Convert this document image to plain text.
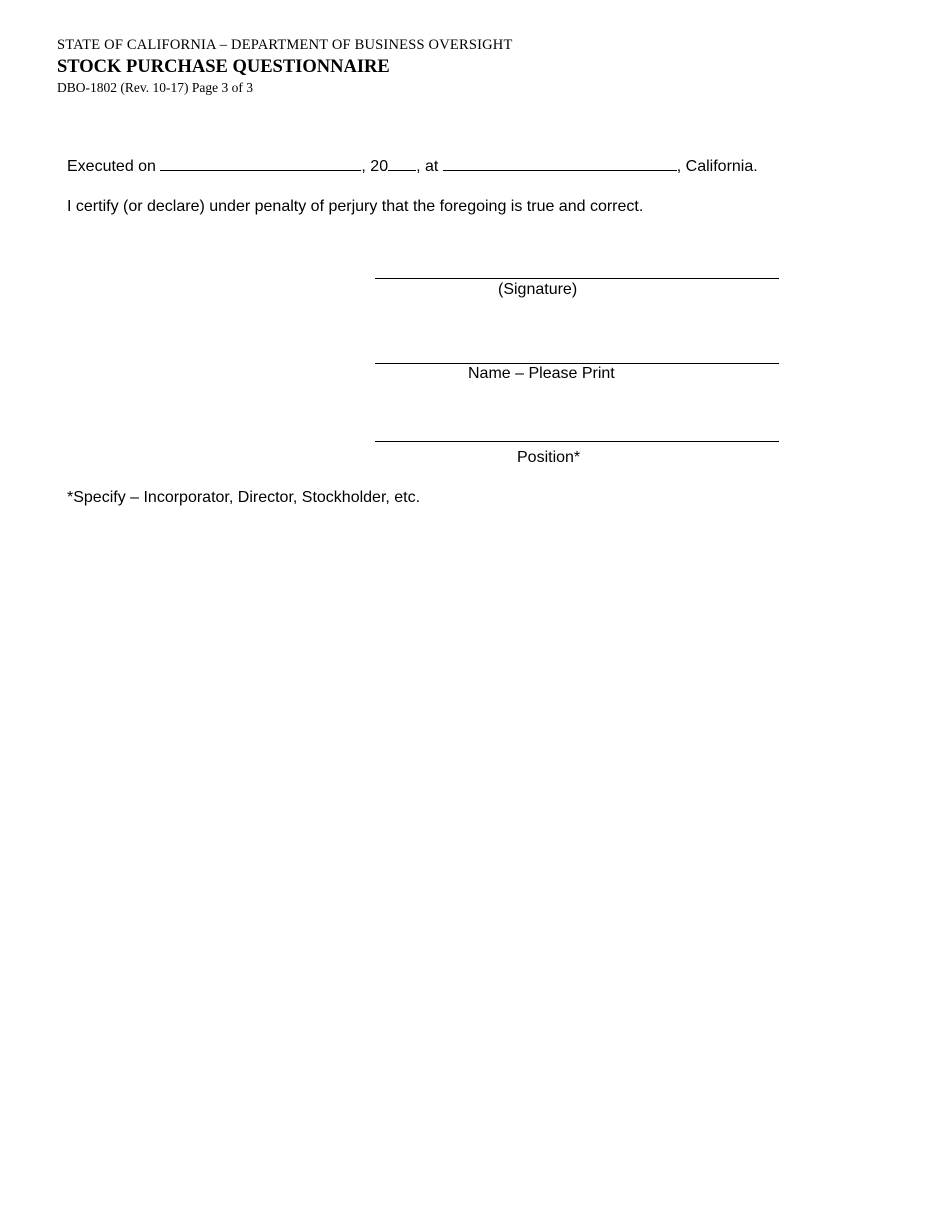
STATE OF CALIFORNIA – DEPARTMENT OF BUSINESS OVERSIGHT
STOCK PURCHASE QUESTIONNAIRE
DBO-1802 (Rev. 10-17) Page 3 of 3
Executed on	, 20 , at	, California.
I certify (or declare) under penalty of perjury that the foregoing is true and correct.
(Signature)
Name – Please Print
Position*
*Specify – Incorporator, Director, Stockholder, etc.
